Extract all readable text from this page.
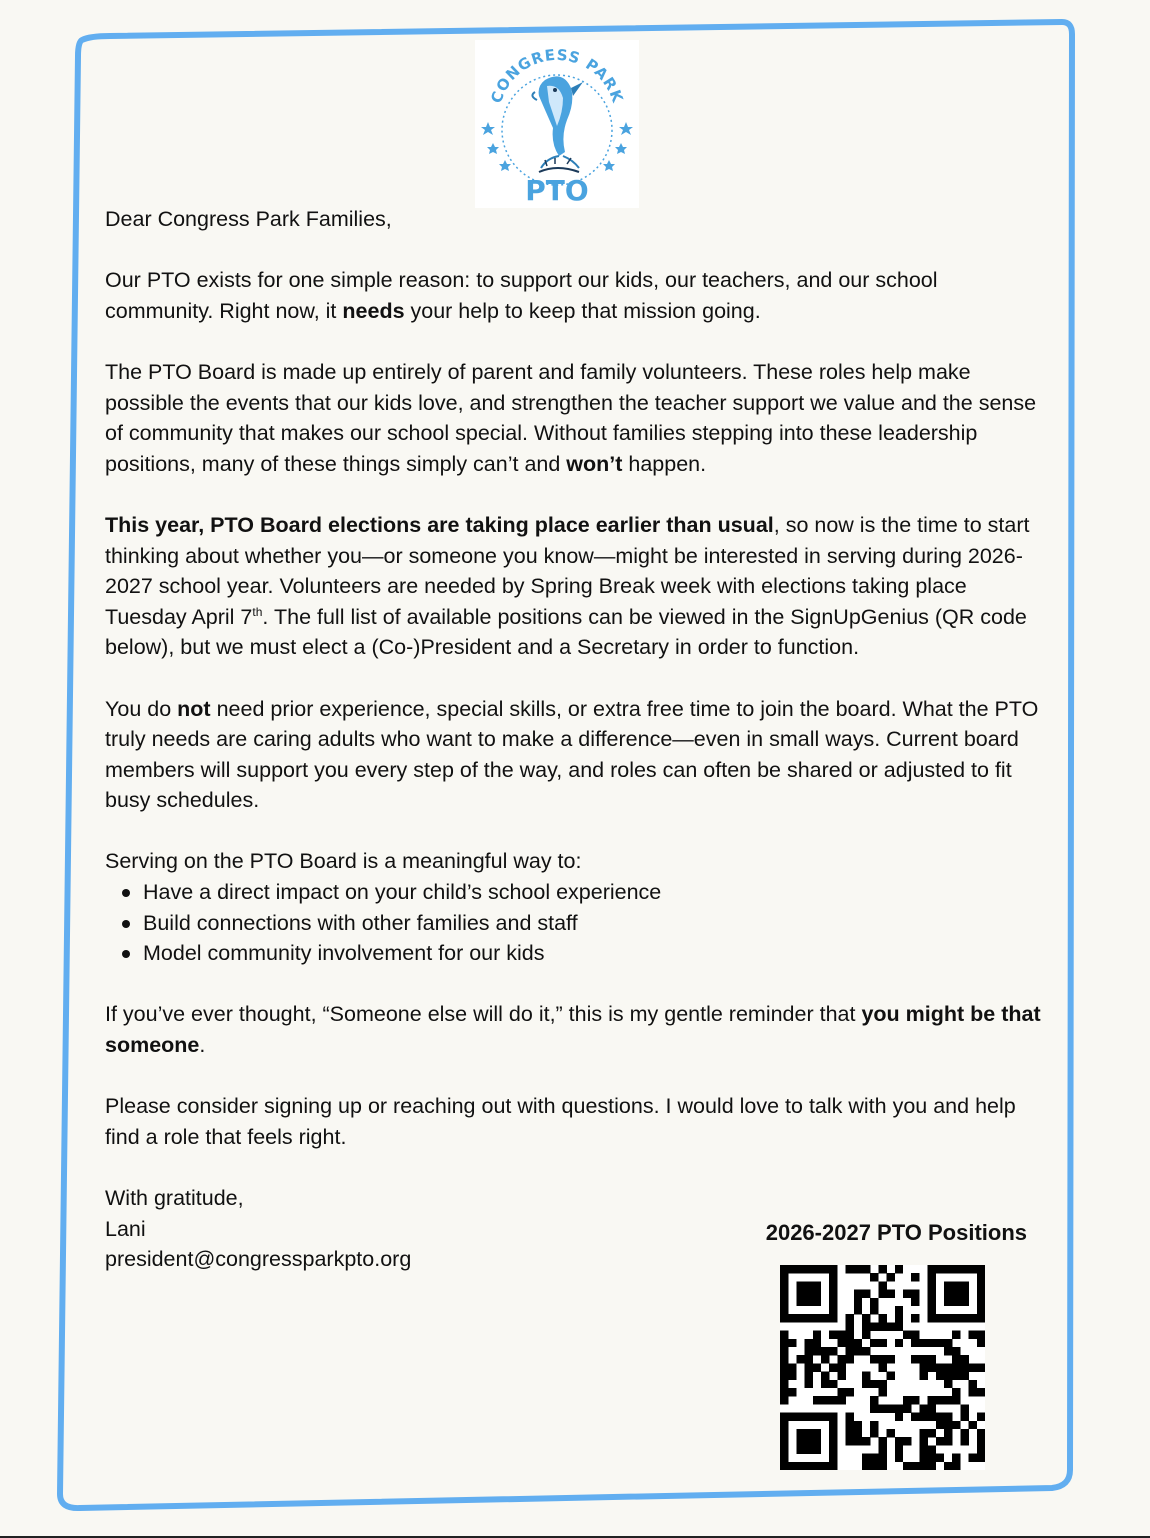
CONGRESS PARK
PTO

Dear Congress Park Families,

Our PTO exists for one simple reason: to support our kids, our teachers, and our school community. Right now, it needs your help to keep that mission going.

The PTO Board is made up entirely of parent and family volunteers. These roles help make possible the events that our kids love, and strengthen the teacher support we value and the sense of community that makes our school special. Without families stepping into these leadership positions, many of these things simply can’t and won’t happen.

This year, PTO Board elections are taking place earlier than usual, so now is the time to start thinking about whether you—or someone you know—might be interested in serving during 2026-2027 school year. Volunteers are needed by Spring Break week with elections taking place Tuesday April 7th. The full list of available positions can be viewed in the SignUpGenius (QR code below), but we must elect a (Co-)President and a Secretary in order to function.

You do not need prior experience, special skills, or extra free time to join the board. What the PTO truly needs are caring adults who want to make a difference—even in small ways. Current board members will support you every step of the way, and roles can often be shared or adjusted to fit busy schedules.

Serving on the PTO Board is a meaningful way to:
Have a direct impact on your child’s school experience
Build connections with other families and staff
Model community involvement for our kids

If you’ve ever thought, “Someone else will do it,” this is my gentle reminder that you might be that someone.

Please consider signing up or reaching out with questions. I would love to talk with you and help find a role that feels right.

With gratitude,
Lani
president@congressparkpto.org
2026-2027 PTO Positions
